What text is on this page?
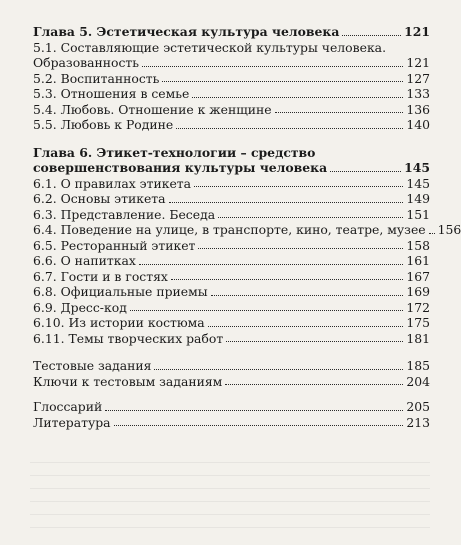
Глава 5. Эстетическая культура человека	121
5.1. Составляющие эстетической культуры человека.
Образованность	121
5.2. Воспитанность	127
5.3. Отношения в семье	133
5.4. Любовь. Отношение к женщине	136
5.5. Любовь к Родине	140
Глава 6. Этикет-технологии – средство
совершенствования культуры человека	145
6.1. О правилах этикета	145
6.2. Основы этикета	149
6.3. Представление. Беседа	151
6.4. Поведение на улице, в транспорте, кино, театре, музее 156
6.5. Ресторанный этикет	158
6.6. О напитках	161
6.7. Гости и в гостях	167
6.8. Официальные приемы	169
6.9. Дресс-код	172
6.10. Из истории костюма	175
6.11. Темы творческих работ	181
Тестовые задания	185
Ключи к тестовым заданиям	204
Глоссарий	205
Литература	213
